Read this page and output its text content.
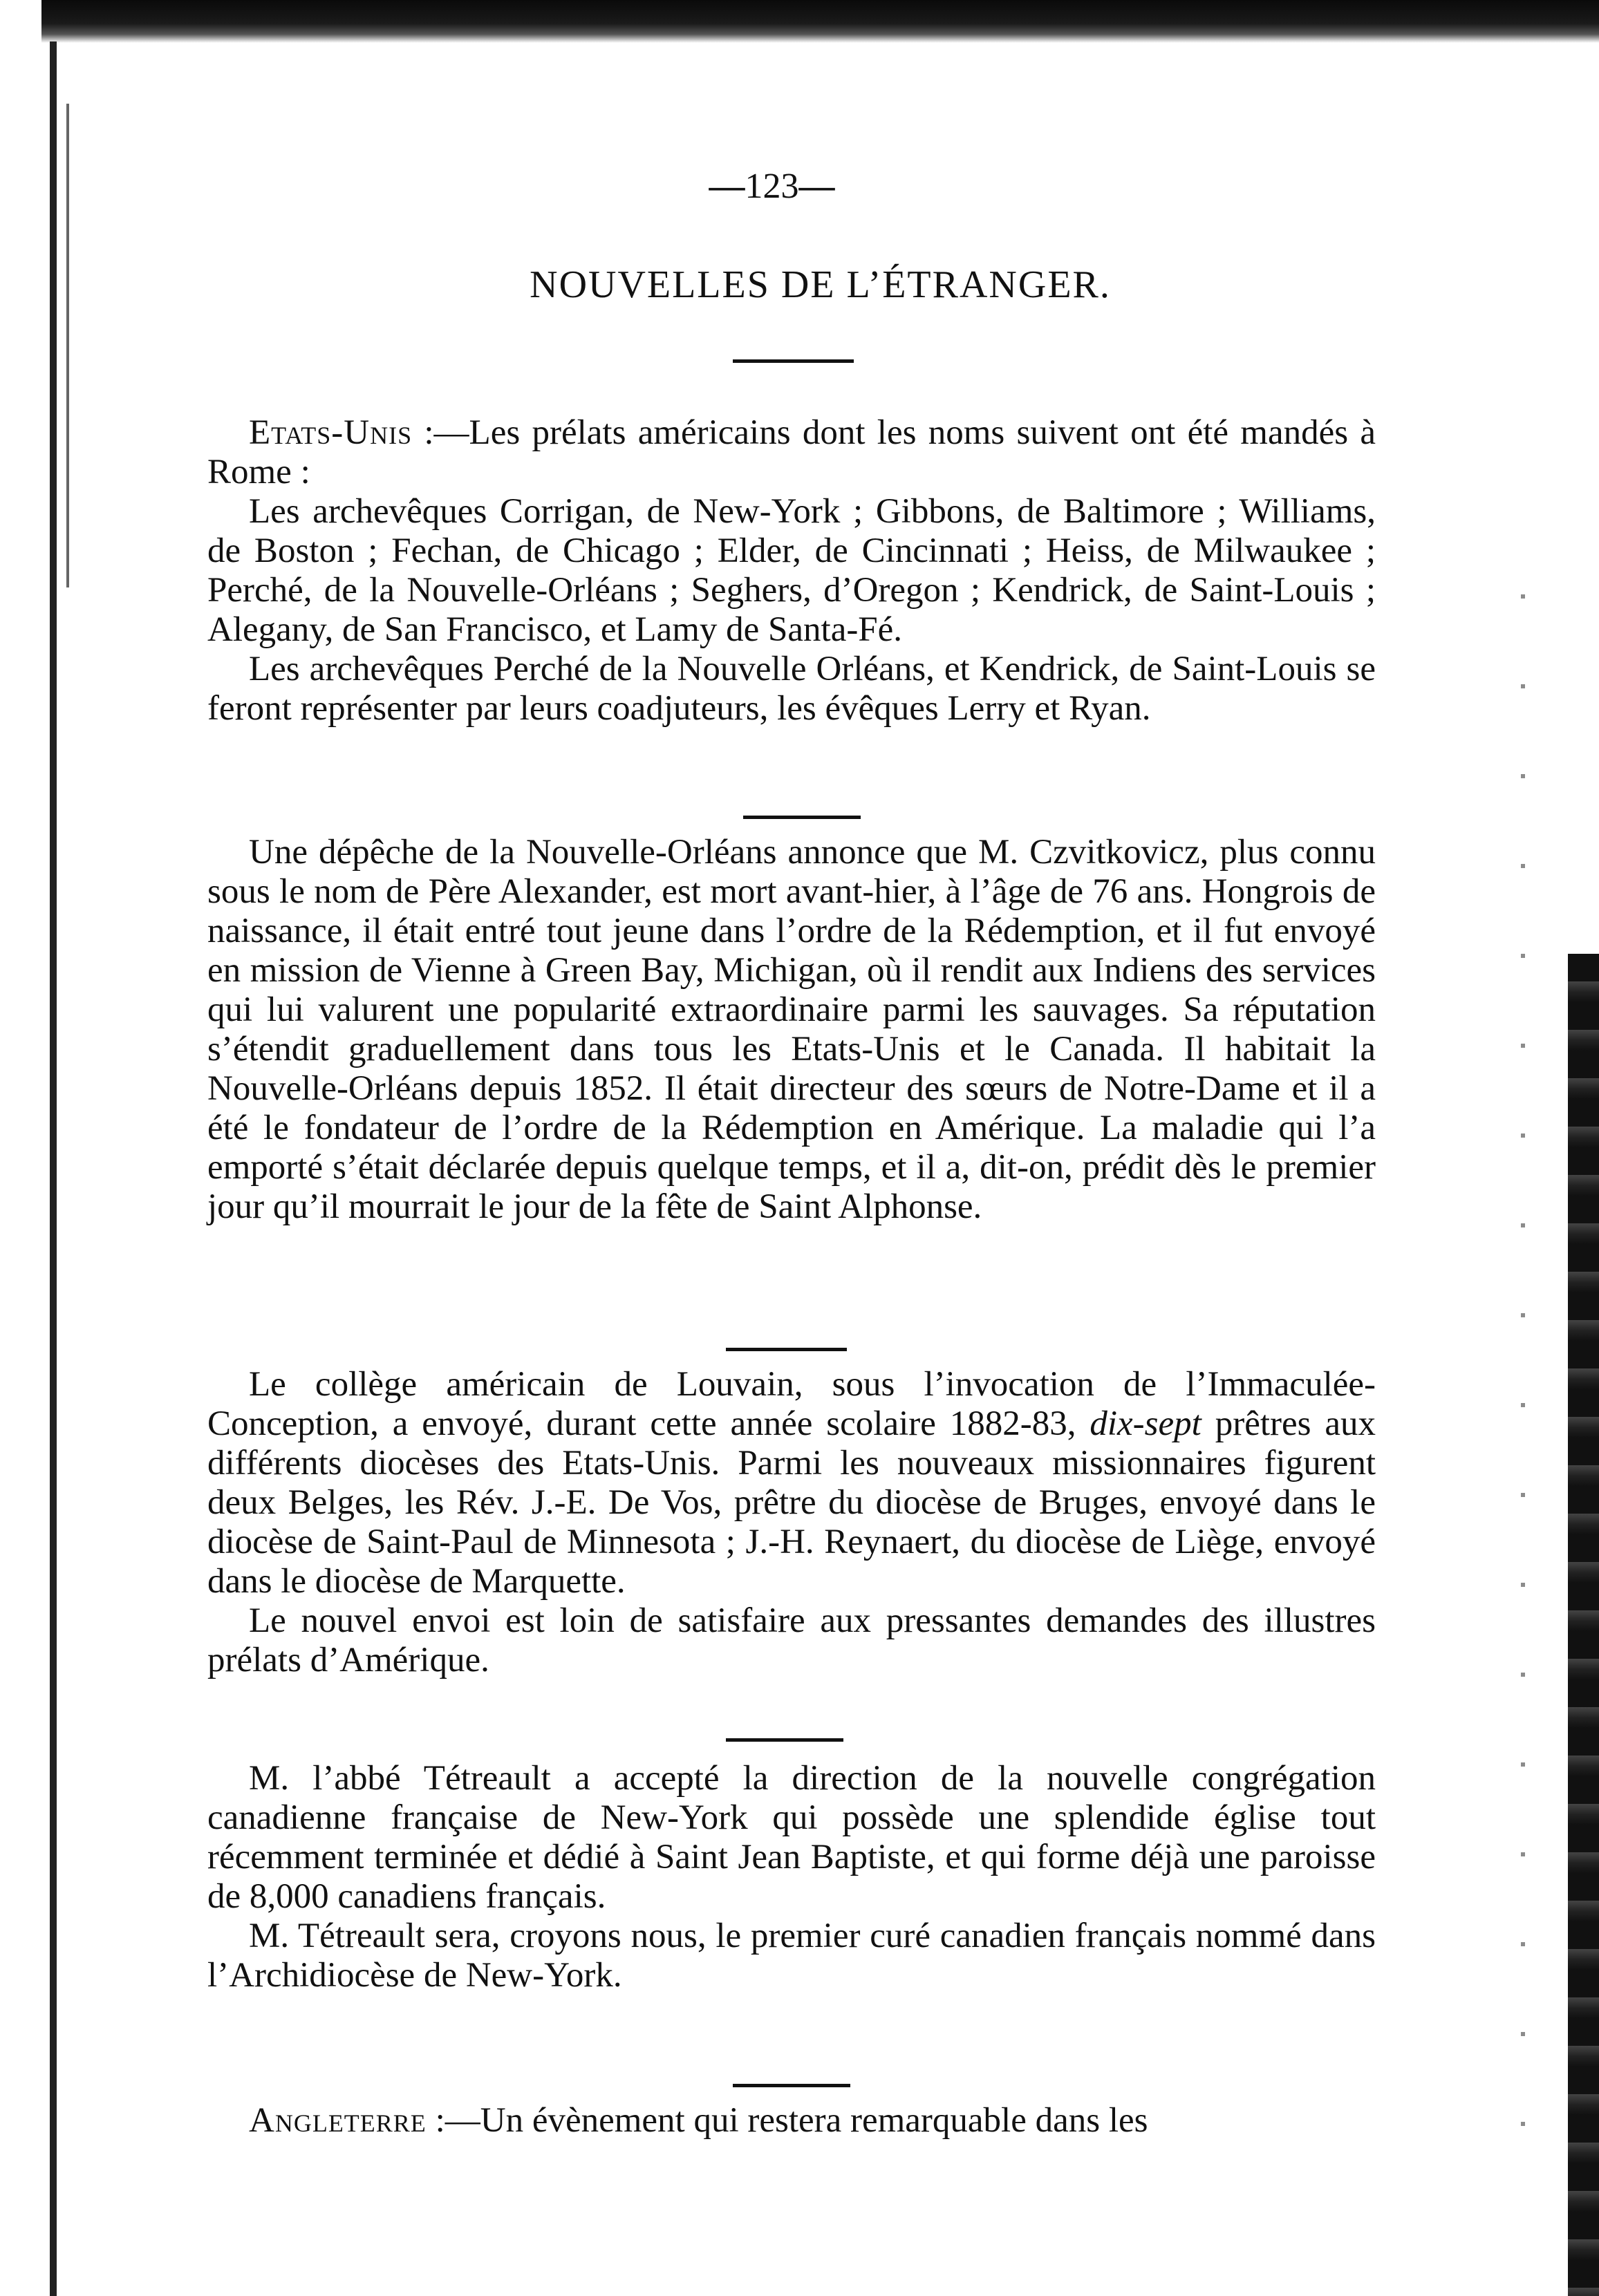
—123—
NOUVELLES DE L’ÉTRANGER.

Etats-Unis :—Les prélats américains dont les noms suivent ont été mandés à Rome :

Les archevêques Corrigan, de New-York ; Gibbons, de Baltimore ; Williams, de Boston ; Fechan, de Chicago ; Elder, de Cincinnati ; Heiss, de Milwaukee ; Perché, de la Nouvelle-Orléans ; Seghers, d’Oregon ; Kendrick, de Saint-Louis ; Alegany, de San Francisco, et Lamy de Santa-Fé.

Les archevêques Perché de la Nouvelle Orléans, et Kendrick, de Saint-Louis se feront représenter par leurs coadjuteurs, les évêques Lerry et Ryan.

Une dépêche de la Nouvelle-Orléans annonce que M. Czvitkovicz, plus connu sous le nom de Père Alexander, est mort avant-hier, à l’âge de 76 ans. Hongrois de naissance, il était entré tout jeune dans l’ordre de la Rédemption, et il fut envoyé en mission de Vienne à Green Bay, Michigan, où il rendit aux Indiens des services qui lui valurent une popularité extraordinaire parmi les sauvages. Sa réputation s’étendit graduellement dans tous les Etats-Unis et le Canada. Il habitait la Nouvelle-Orléans depuis 1852. Il était directeur des sœurs de Notre-Dame et il a été le fondateur de l’ordre de la Rédemption en Amérique. La maladie qui l’a emporté s’était déclarée depuis quelque temps, et il a, dit-on, prédit dès le premier jour qu’il mourrait le jour de la fête de Saint Alphonse.

Le collège américain de Louvain, sous l’invocation de l’Immaculée-Conception, a envoyé, durant cette année scolaire 1882-83, dix-sept prêtres aux différents diocèses des Etats-Unis. Parmi les nouveaux missionnaires figurent deux Belges, les Rév. J.-E. De Vos, prêtre du diocèse de Bruges, envoyé dans le diocèse de Saint-Paul de Minnesota ; J.-H. Reynaert, du diocèse de Liège, envoyé dans le diocèse de Marquette.

Le nouvel envoi est loin de satisfaire aux pressantes demandes des illustres prélats d’Amérique.

M. l’abbé Tétreault a accepté la direction de la nouvelle congrégation canadienne française de New-York qui possède une splendide église tout récemment terminée et dédié à Saint Jean Baptiste, et qui forme déjà une paroisse de 8,000 canadiens français.

M. Tétreault sera, croyons nous, le premier curé canadien français nommé dans l’Archidiocèse de New-York.

Angleterre :—Un évènement qui restera remarquable dans les
